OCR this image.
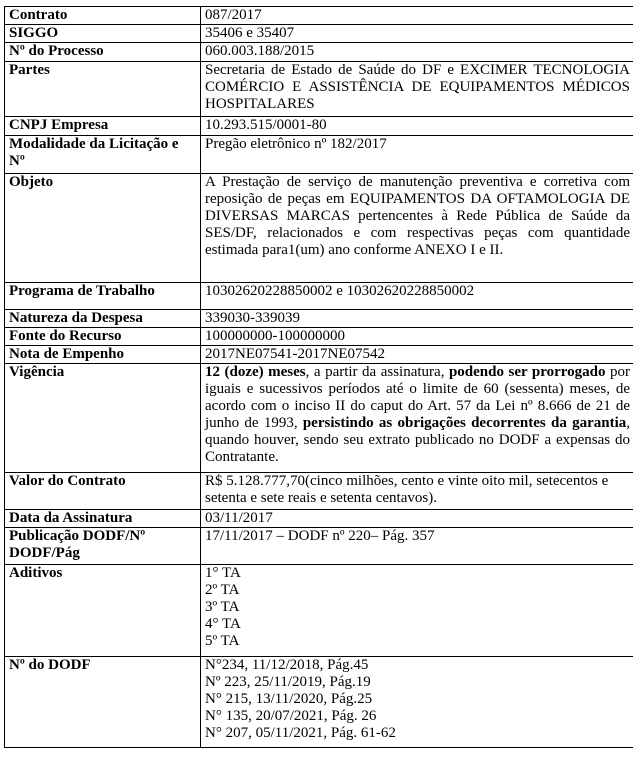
Contrato	087/2017
SIGGO	35406 e 35407
Nº do Processo	060.003.188/2015
Partes	Secretaria de Estado de Saúde do DF e EXCIMER TECNOLOGIA COMÉRCIO E ASSISTÊNCIA DE EQUIPAMENTOS MÉDICOS HOSPITALARES
CNPJ Empresa	10.293.515/0001-80
Modalidade da Licitação e Nº	Pregão eletrônico nº 182/2017
Objeto	A Prestação de serviço de manutenção preventiva e corretiva com reposição de peças em EQUIPAMENTOS DA OFTAMOLOGIA DE DIVERSAS MARCAS pertencentes à Rede Pública de Saúde da SES/DF, relacionados e com respectivas peças com quantidade estimada para1(um) ano conforme ANEXO I e II.
Programa de Trabalho	10302620228850002 e 10302620228850002
Natureza da Despesa	339030-339039
Fonte do Recurso	100000000-100000000
Nota de Empenho	2017NE07541-2017NE07542
Vigência	12 (doze) meses, a partir da assinatura, podendo ser prorrogado por iguais e sucessivos períodos até o limite de 60 (sessenta) meses, de acordo com o inciso II do caput do Art. 57 da Lei nº 8.666 de 21 de junho de 1993, persistindo as obrigações decorrentes da garantia, quando houver, sendo seu extrato publicado no DODF a expensas do Contratante.
Valor do Contrato	R$ 5.128.777,70(cinco milhões, cento e vinte oito mil, setecentos e setenta e sete reais e setenta centavos).
Data da Assinatura	03/11/2017
Publicação DODF/Nº DODF/Pág	17/11/2017 – DODF nº 220– Pág. 357
Aditivos	1° TA
2º TA
3º TA
4° TA
5º TA

Nº do DODF	N°234, 11/12/2018, Pág.45
Nº 223, 25/11/2019, Pág.19
N° 215, 13/11/2020, Pág.25
N° 135, 20/07/2021, Pág. 26
N° 207, 05/11/2021, Pág. 61-62
